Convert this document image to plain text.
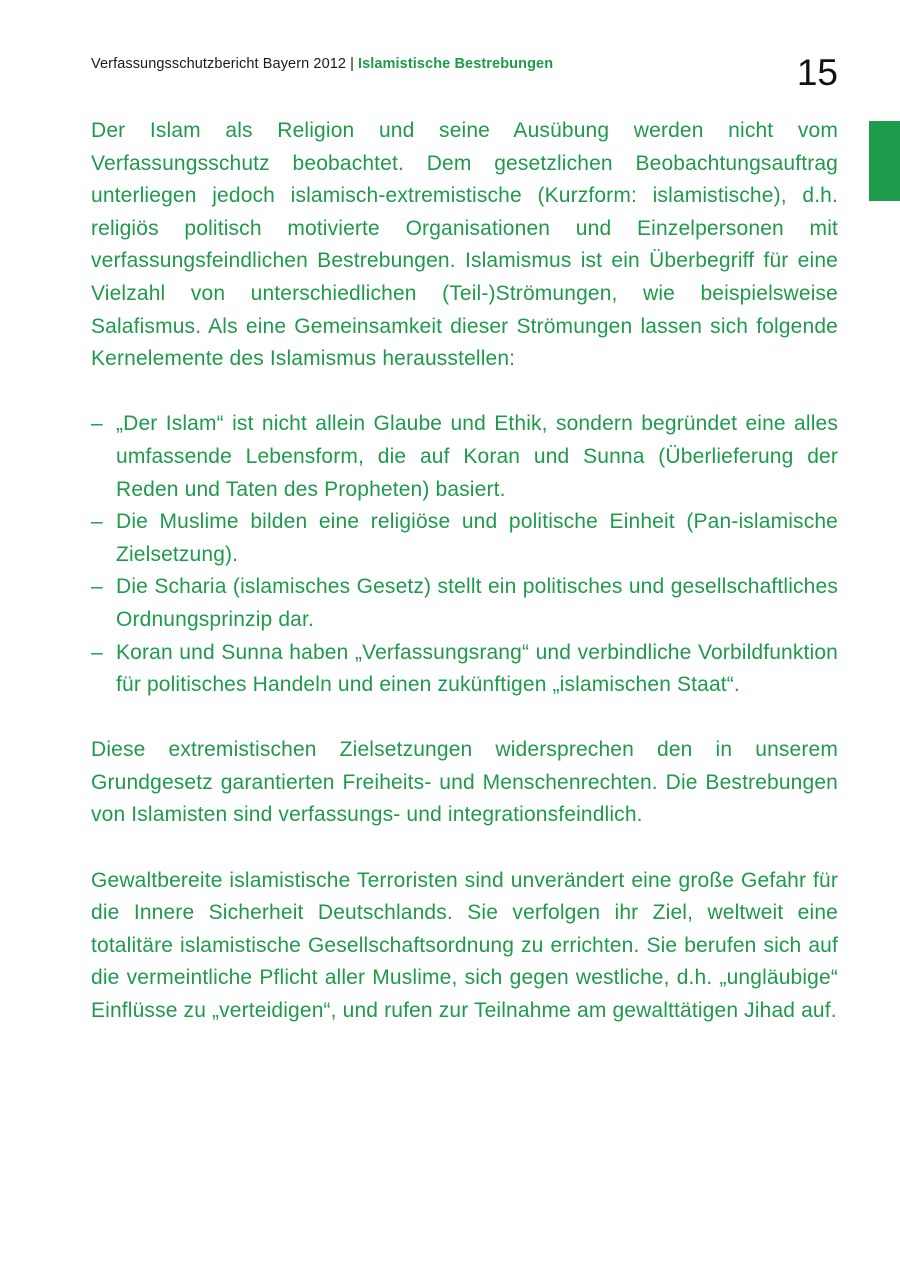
Verfassungsschutzbericht Bayern 2012 | Islamistische Bestrebungen	15

Der Islam als Religion und seine Ausübung werden nicht vom Verfassungsschutz beobachtet. Dem gesetzlichen Beobachtungsauftrag unterliegen jedoch islamisch-extremistische (Kurzform: islamistische), d.h. religiös politisch motivierte Organisationen und Einzelpersonen mit verfassungsfeindlichen Bestrebungen. Islamismus ist ein Überbegriff für eine Vielzahl von unterschiedlichen (Teil-)Strömungen, wie beispielsweise Salafismus. Als eine Gemeinsamkeit dieser Strömungen lassen sich folgende Kernelemente des Islamismus herausstellen:

– „Der Islam“ ist nicht allein Glaube und Ethik, sondern begründet eine alles umfassende Lebensform, die auf Koran und Sunna (Überlieferung der Reden und Taten des Propheten) basiert.
– Die Muslime bilden eine religiöse und politische Einheit (Pan-islamische Zielsetzung).
– Die Scharia (islamisches Gesetz) stellt ein politisches und gesellschaftliches Ordnungsprinzip dar.
– Koran und Sunna haben „Verfassungsrang“ und verbindliche Vorbildfunktion für politisches Handeln und einen zukünftigen „islamischen Staat“.

Diese extremistischen Zielsetzungen widersprechen den in unserem Grundgesetz garantierten Freiheits- und Menschenrechten. Die Bestrebungen von Islamisten sind verfassungs- und integrationsfeindlich.

Gewaltbereite islamistische Terroristen sind unverändert eine große Gefahr für die Innere Sicherheit Deutschlands. Sie verfolgen ihr Ziel, weltweit eine totalitäre islamistische Gesellschaftsordnung zu errichten. Sie berufen sich auf die vermeintliche Pflicht aller Muslime, sich gegen westliche, d.h. „ungläubige“ Einflüsse zu „verteidigen“, und rufen zur Teilnahme am gewalttätigen Jihad auf.
